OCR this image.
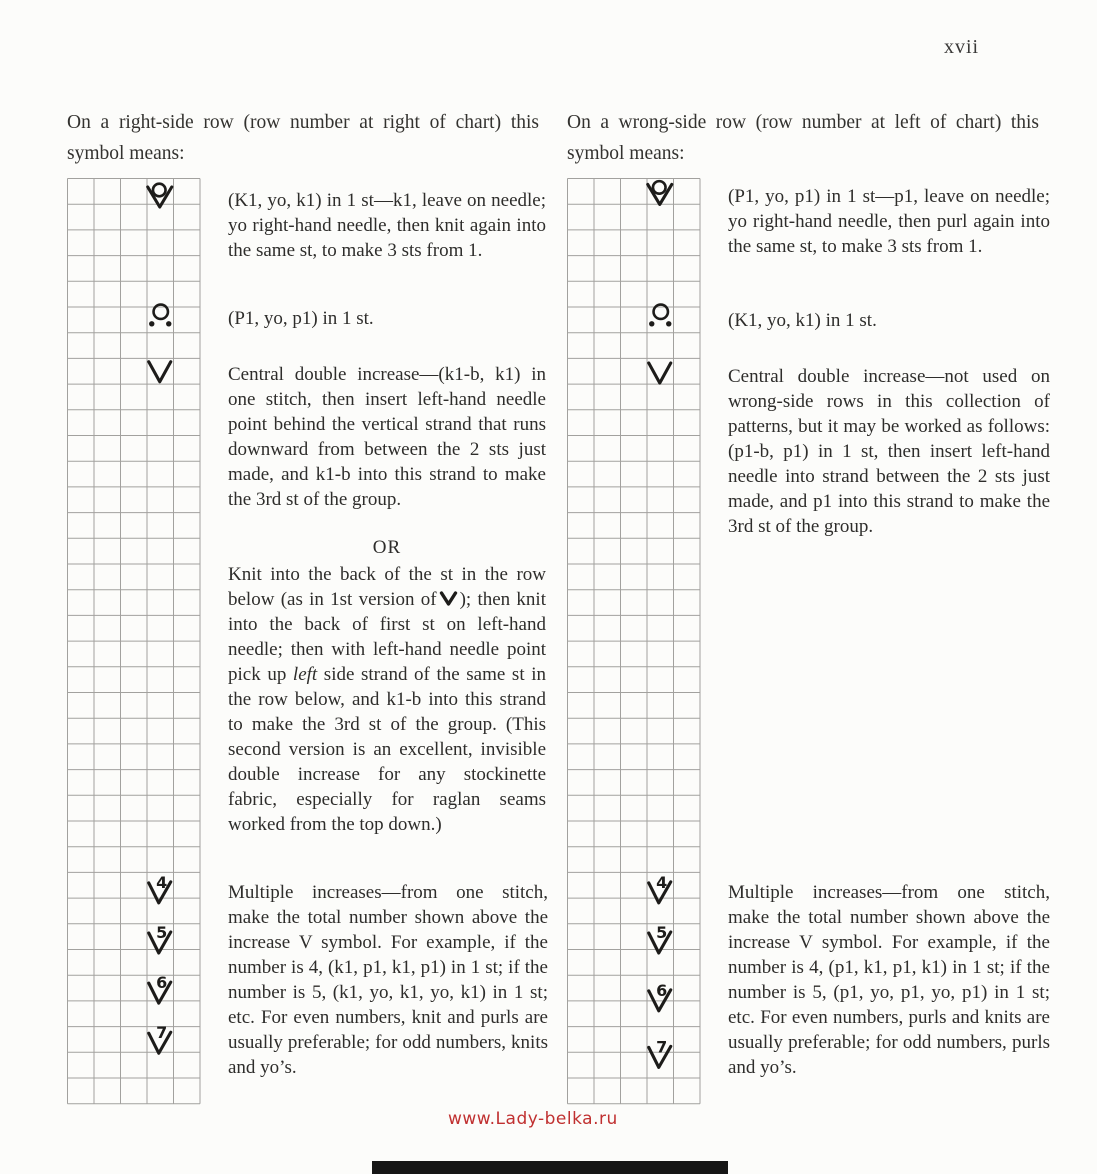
xvii
On a right-side row (row number at right of chart) this symbol means:
4
5
6
7
(K1, yo, k1) in 1 st—k1, leave on needle; yo right-hand needle, then knit again into the same st, to make 3 sts from 1.
(P1, yo, p1) in 1 st.
Central double increase—(k1-b, k1) in one stitch, then insert left-hand needle point behind the vertical strand that runs downward from between the 2 sts just made, and k1-b into this strand to make the 3rd st of the group.
OR
Knit into the back of the st in the row below (as in 1st version of ); then knit into the back of first st on left-hand needle; then with left-hand needle point pick up left side strand of the same st in the row below, and k1-b into this strand to make the 3rd st of the group. (This second version is an excellent, invisible double increase for any stockinette fabric, especially for raglan seams worked from the top down.)
Multiple increases—from one stitch, make the total number shown above the increase V symbol. For example, if the number is 4, (k1, p1, k1, p1) in 1 st; if the number is 5, (k1, yo, k1, yo, k1) in 1 st; etc. For even numbers, knit and purls are usually preferable; for odd numbers, knits and yo’s.
On a wrong-side row (row number at left of chart) this symbol means:
4
5
6
7
(P1, yo, p1) in 1 st—p1, leave on needle; yo right-hand needle, then purl again into the same st, to make 3 sts from 1.
(K1, yo, k1) in 1 st.
Central double increase—not used on wrong-side rows in this collection of patterns, but it may be worked as follows: (p1-b, p1) in 1 st, then insert left-hand needle into strand between the 2 sts just made, and p1 into this strand to make the 3rd st of the group.
Multiple increases—from one stitch, make the total number shown above the increase V symbol. For example, if the number is 4, (p1, k1, p1, k1) in 1 st; if the number is 5, (p1, yo, p1, yo, p1) in 1 st; etc. For even numbers, purls and knits are usually preferable; for odd numbers, purls and yo’s.
www.Lady-belka.ru
